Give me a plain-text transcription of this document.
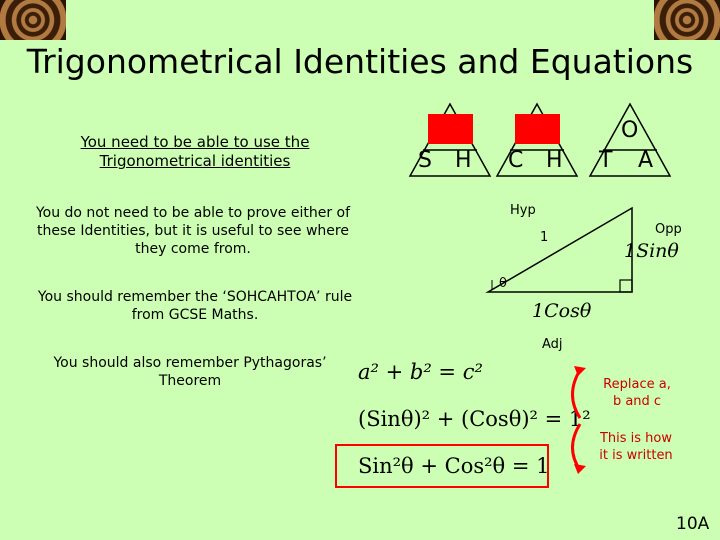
Trigonometrical Identities and Equations
You need to be able to use the Trigonometrical identities
You do not need to be able to prove either of these Identities, but it is useful to see where they come from.
You should remember the ‘SOHCAHTOA’ rule from GCSE Maths.
You should also remember Pythagoras’ Theorem
S H C H T A
O
Hyp
1
Opp
1Sinθ
θ
1Cosθ
Adj
a² + b² = c²
(Sinθ)² + (Cosθ)² = 1²
Sin²θ + Cos²θ = 1
Replace a, b and c
This is how it is written
10A
